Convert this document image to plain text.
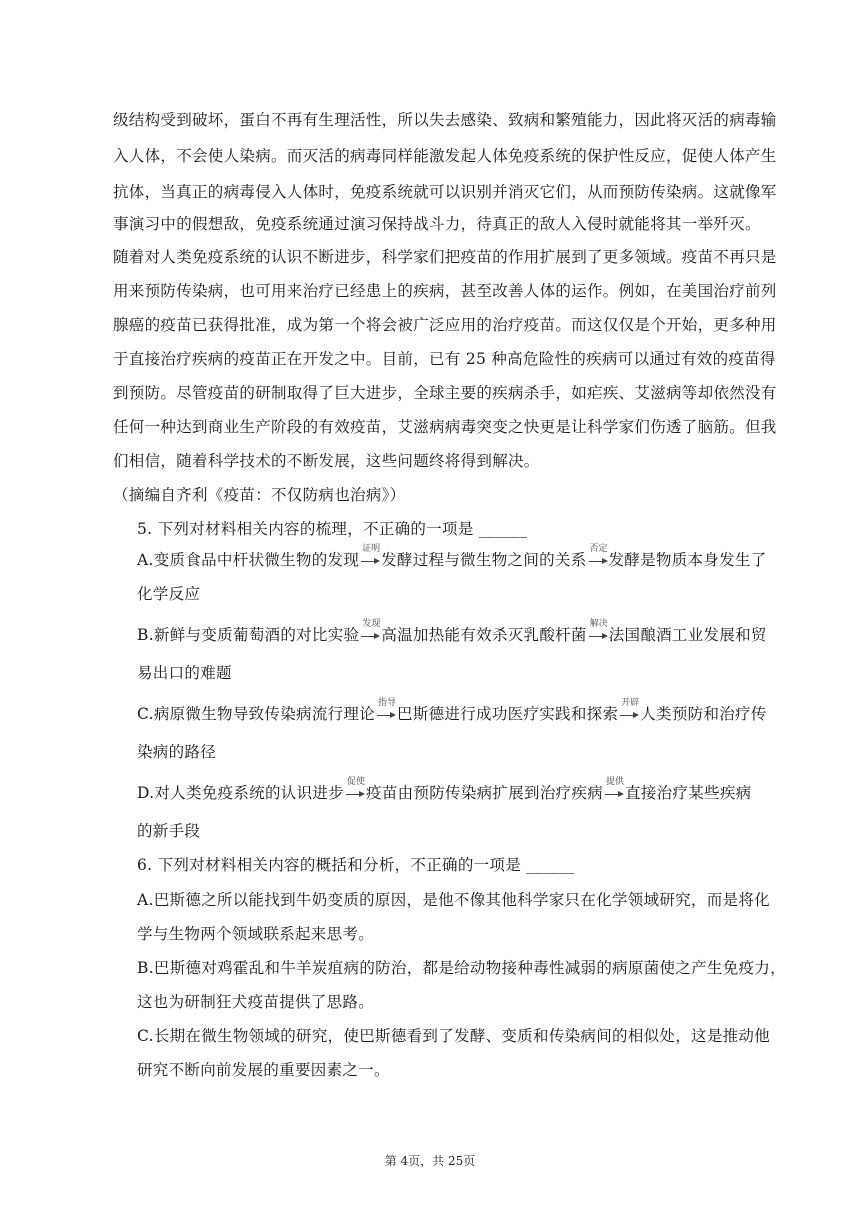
级结构受到破坏，蛋白不再有生理活性，所以失去感染、致病和繁殖能力，因此将灭活的病毒输
入人体，不会使人染病。而灭活的病毒同样能激发起人体免疫系统的保护性反应，促使人体产生
抗体，当真正的病毒侵入人体时，免疫系统就可以识别并消灭它们，从而预防传染病。这就像军
事演习中的假想敌，免疫系统通过演习保持战斗力，待真正的敌人入侵时就能将其一举歼灭。
随着对人类免疫系统的认识不断进步，科学家们把疫苗的作用扩展到了更多领域。疫苗不再只是
用来预防传染病，也可用来治疗已经患上的疾病，甚至改善人体的运作。例如，在美国治疗前列
腺癌的疫苗已获得批准，成为第一个将会被广泛应用的治疗疫苗。而这仅仅是个开始，更多种用
于直接治疗疾病的疫苗正在开发之中。目前，已有 25 种高危险性的疾病可以通过有效的疫苗得
到预防。尽管疫苗的研制取得了巨大进步，全球主要的疾病杀手，如疟疾、艾滋病等却依然没有
任何一种达到商业生产阶段的有效疫苗，艾滋病病毒突变之快更是让科学家们伤透了脑筋。但我
们相信，随着科学技术的不断发展，这些问题终将得到解决。
（摘编自齐利《疫苗：不仅防病也治病》）
5. 下列对材料相关内容的梳理，不正确的一项是 ______
A.变质食品中杆状微生物的发现
证明
发酵过程与微生物之间的关系
否定
发酵是物质本身发生了
化学反应
B.新鲜与变质葡萄酒的对比实验
发现
高温加热能有效杀灭乳酸杆菌
解决
法国酿酒工业发展和贸
易出口的难题
C.病原微生物导致传染病流行理论
指导
巴斯德进行成功医疗实践和探索
开辟
人类预防和治疗传
染病的路径
D.对人类免疫系统的认识进步
促使
疫苗由预防传染病扩展到治疗疾病
提供
直接治疗某些疾病
的新手段
6. 下列对材料相关内容的概括和分析，不正确的一项是 ______
A.巴斯德之所以能找到牛奶变质的原因，是他不像其他科学家只在化学领域研究，而是将化
学与生物两个领域联系起来思考。
B.巴斯德对鸡霍乱和牛羊炭疽病的防治，都是给动物接种毒性减弱的病原菌使之产生免疫力，
这也为研制狂犬疫苗提供了思路。
C.长期在微生物领域的研究，使巴斯德看到了发酵、变质和传染病间的相似处，这是推动他
研究不断向前发展的重要因素之一。
第 4页，共 25页
